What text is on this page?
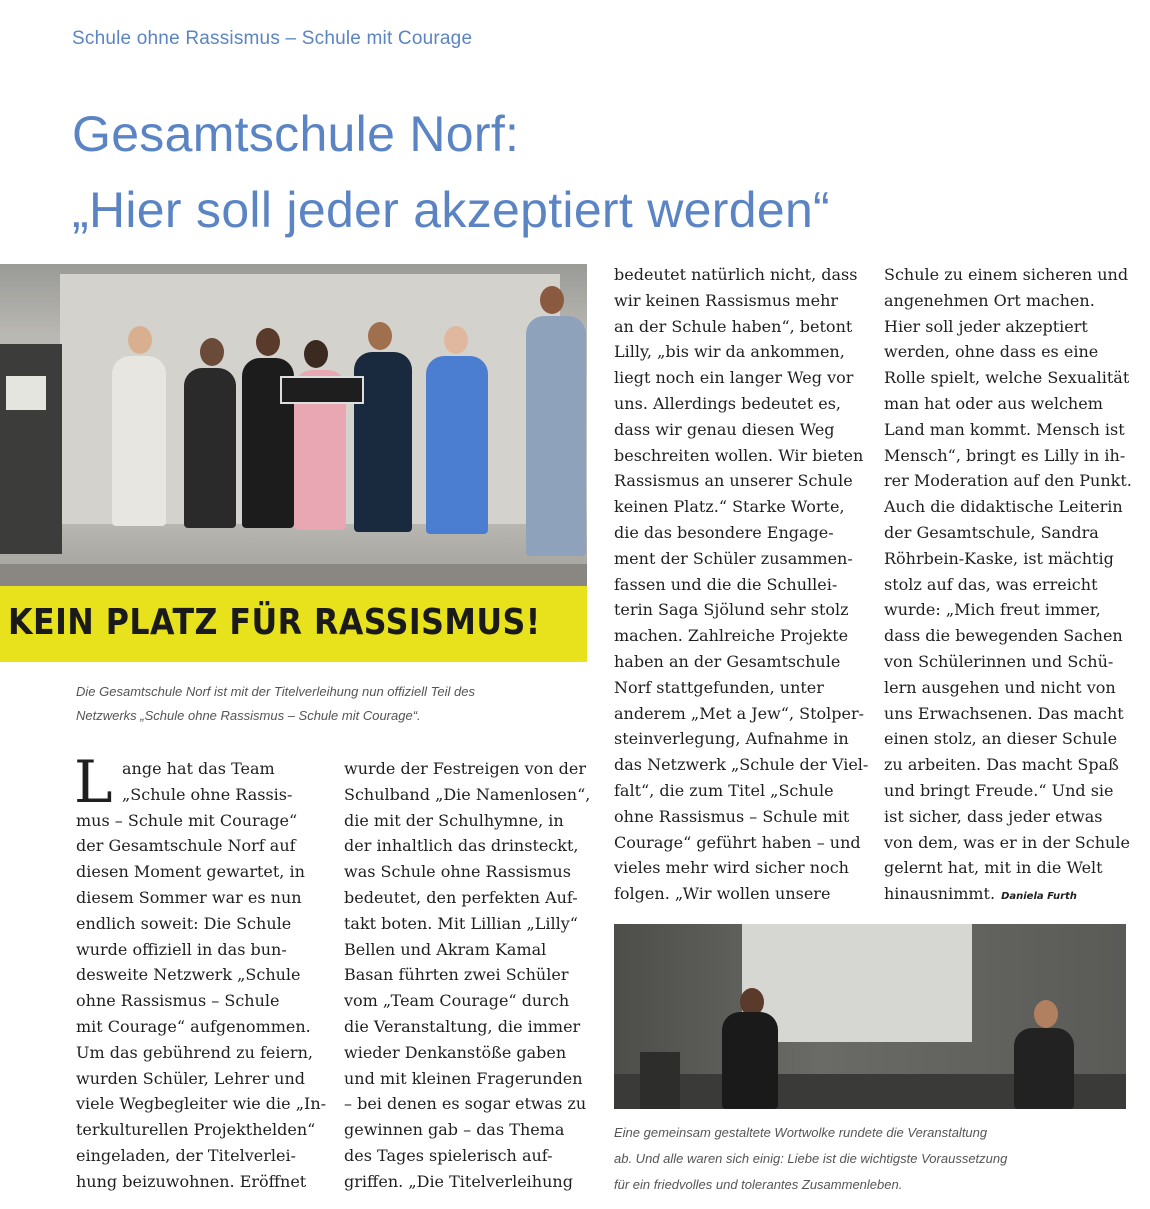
Schule ohne Rassismus – Schule mit Courage
Gesamtschule Norf:
„Hier soll jeder akzeptiert werden“
KEIN PLATZ FÜR RASSISMUS!
Die Gesamtschule Norf ist mit der Titelverleihung nun offiziell Teil des
Netzwerks „Schule ohne Rassismus – Schule mit Courage“.
L ange hat das Team
„Schule ohne Rassis-
mus – Schule mit Courage“
der Gesamtschule Norf auf
diesen Moment gewartet, in
diesem Sommer war es nun
endlich soweit: Die Schule
wurde offiziell in das bun-
desweite Netzwerk „Schule
ohne Rassismus – Schule
mit Courage“ aufgenommen.
Um das gebührend zu feiern,
wurden Schüler, Lehrer und
viele Wegbegleiter wie die „In-
terkulturellen Projekthelden“
eingeladen, der Titelverlei-
hung beizuwohnen. Eröffnet
wurde der Festreigen von der
Schulband „Die Namenlosen“,
die mit der Schulhymne, in
der inhaltlich das drinsteckt,
was Schule ohne Rassismus
bedeutet, den perfekten Auf-
takt boten. Mit Lillian „Lilly“
Bellen und Akram Kamal
Basan führten zwei Schüler
vom „Team Courage“ durch
die Veranstaltung, die immer
wieder Denkanstöße gaben
und mit kleinen Fragerunden
– bei denen es sogar etwas zu
gewinnen gab – das Thema
des Tages spielerisch auf-
griffen. „Die Titelverleihung
bedeutet natürlich nicht, dass
wir keinen Rassismus mehr
an der Schule haben“, betont
Lilly, „bis wir da ankommen,
liegt noch ein langer Weg vor
uns. Allerdings bedeutet es,
dass wir genau diesen Weg
beschreiten wollen. Wir bieten
Rassismus an unserer Schule
keinen Platz.“ Starke Worte,
die das besondere Engage-
ment der Schüler zusammen-
fassen und die die Schullei-
terin Saga Sjölund sehr stolz
machen. Zahlreiche Projekte
haben an der Gesamtschule
Norf stattgefunden, unter
anderem „Met a Jew“, Stolper-
steinverlegung, Aufnahme in
das Netzwerk „Schule der Viel-
falt“, die zum Titel „Schule
ohne Rassismus – Schule mit
Courage“ geführt haben – und
vieles mehr wird sicher noch
folgen. „Wir wollen unsere
Schule zu einem sicheren und
angenehmen Ort machen.
Hier soll jeder akzeptiert
werden, ohne dass es eine
Rolle spielt, welche Sexualität
man hat oder aus welchem
Land man kommt. Mensch ist
Mensch“, bringt es Lilly in ih-
rer Moderation auf den Punkt.
Auch die didaktische Leiterin
der Gesamtschule, Sandra
Röhrbein-Kaske, ist mächtig
stolz auf das, was erreicht
wurde: „Mich freut immer,
dass die bewegenden Sachen
von Schülerinnen und Schü-
lern ausgehen und nicht von
uns Erwachsenen. Das macht
einen stolz, an dieser Schule
zu arbeiten. Das macht Spaß
und bringt Freude.“ Und sie
ist sicher, dass jeder etwas
von dem, was er in der Schule
gelernt hat, mit in die Welt
hinausnimmt. Daniela Furth
Eine gemeinsam gestaltete Wortwolke rundete die Veranstaltung
ab. Und alle waren sich einig: Liebe ist die wichtigste Voraussetzung
für ein friedvolles und tolerantes Zusammenleben.
